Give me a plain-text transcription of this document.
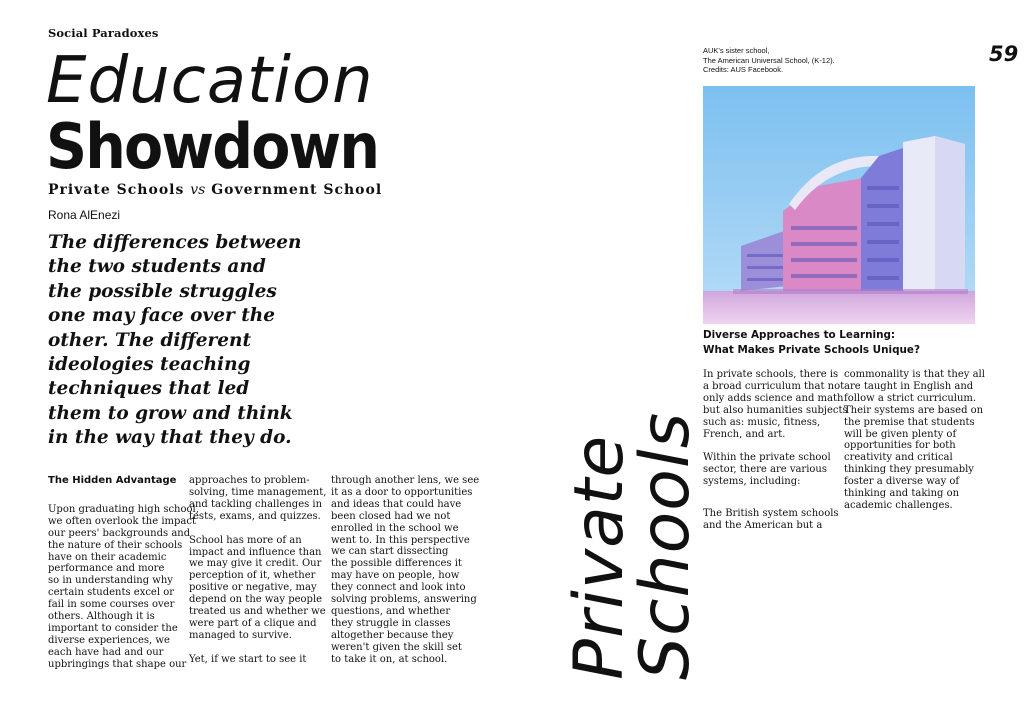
Social Paradoxes
Education
Showdown
Private Schools vs Government School
Rona AlEnezi
The differences between
the two students and
the possible struggles
one may face over the
other. The different
ideologies teaching
techniques that led
them to grow and think
in the way that they do.
The Hidden Advantage

Upon graduating high school,
we often overlook the impact
our peers' backgrounds and
the nature of their schools
have on their academic
performance and more
so in understanding why
certain students excel or
fail in some courses over
others. Although it is
important to consider the
diverse experiences, we
each have had and our
upbringings that shape our

approaches to problem-
solving, time management,
and tackling challenges in
tests, exams, and quizzes.

School has more of an
impact and influence than
we may give it credit. Our
perception of it, whether
positive or negative, may
depend on the way people
treated us and whether we
were part of a clique and
managed to survive.

Yet, if we start to see it

through another lens, we see
it as a door to opportunities
and ideas that could have
been closed had we not
enrolled in the school we
went to. In this perspective
we can start dissecting
the possible differences it
may have on people, how
they connect and look into
solving problems, answering
questions, and whether
they struggle in classes
altogether because they
weren't given the skill set
to take it on, at school. Private
Schools
AUK's sister school,
The American Universal School, (K-12).
Credits: AUS Facebook.
59
Diverse Approaches to Learning:
What Makes Private Schools Unique?

In private schools, there is
a broad curriculum that not
only adds science and math
but also humanities subjects
such as: music, fitness,
French, and art.

Within the private school
sector, there are various
systems, including:

The British system schools
and the American but a

commonality is that they all
are taught in English and
follow a strict curriculum.
Their systems are based on
the premise that students
will be given plenty of
opportunities for both
creativity and critical
thinking they presumably
foster a diverse way of
thinking and taking on
academic challenges.
